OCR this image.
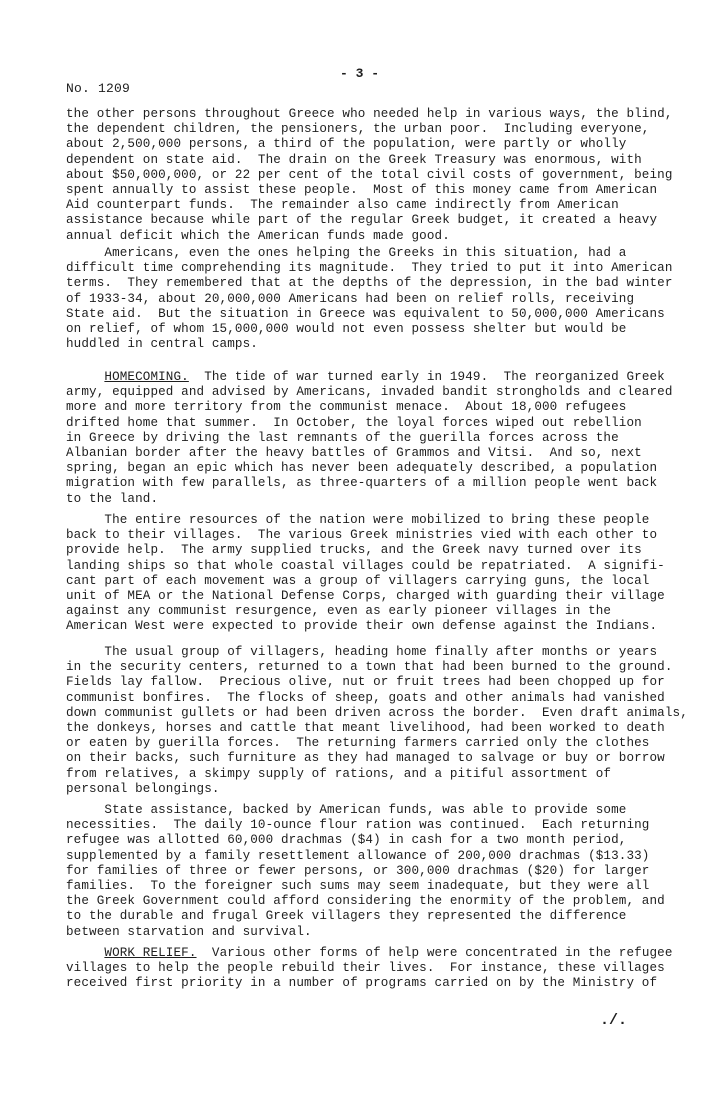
- 3 -
No. 1209
the other persons throughout Greece who needed help in various ways, the blind,
the dependent children, the pensioners, the urban poor.  Including everyone,
about 2,500,000 persons, a third of the population, were partly or wholly
dependent on state aid.  The drain on the Greek Treasury was enormous, with
about $50,000,000, or 22 per cent of the total civil costs of government, being
spent annually to assist these people.  Most of this money came from American
Aid counterpart funds.  The remainder also came indirectly from American
assistance because while part of the regular Greek budget, it created a heavy
annual deficit which the American funds made good.
Americans, even the ones helping the Greeks in this situation, had a
difficult time comprehending its magnitude.  They tried to put it into American
terms.  They remembered that at the depths of the depression, in the bad winter
of 1933-34, about 20,000,000 Americans had been on relief rolls, receiving
State aid.  But the situation in Greece was equivalent to 50,000,000 Americans
on relief, of whom 15,000,000 would not even possess shelter but would be
huddled in central camps.
HOMECOMING.  The tide of war turned early in 1949.  The reorganized Greek
army, equipped and advised by Americans, invaded bandit strongholds and cleared
more and more territory from the communist menace.  About 18,000 refugees
drifted home that summer.  In October, the loyal forces wiped out rebellion
in Greece by driving the last remnants of the guerilla forces across the
Albanian border after the heavy battles of Grammos and Vitsi.  And so, next
spring, began an epic which has never been adequately described, a population
migration with few parallels, as three-quarters of a million people went back
to the land.
The entire resources of the nation were mobilized to bring these people
back to their villages.  The various Greek ministries vied with each other to
provide help.  The army supplied trucks, and the Greek navy turned over its
landing ships so that whole coastal villages could be repatriated.  A signifi-
cant part of each movement was a group of villagers carrying guns, the local
unit of MEA or the National Defense Corps, charged with guarding their village
against any communist resurgence, even as early pioneer villages in the
American West were expected to provide their own defense against the Indians.
The usual group of villagers, heading home finally after months or years
in the security centers, returned to a town that had been burned to the ground.
Fields lay fallow.  Precious olive, nut or fruit trees had been chopped up for
communist bonfires.  The flocks of sheep, goats and other animals had vanished
down communist gullets or had been driven across the border.  Even draft animals,
the donkeys, horses and cattle that meant livelihood, had been worked to death
or eaten by guerilla forces.  The returning farmers carried only the clothes
on their backs, such furniture as they had managed to salvage or buy or borrow
from relatives, a skimpy supply of rations, and a pitiful assortment of
personal belongings.
State assistance, backed by American funds, was able to provide some
necessities.  The daily 10-ounce flour ration was continued.  Each returning
refugee was allotted 60,000 drachmas ($4) in cash for a two month period,
supplemented by a family resettlement allowance of 200,000 drachmas ($13.33)
for families of three or fewer persons, or 300,000 drachmas ($20) for larger
families.  To the foreigner such sums may seem inadequate, but they were all
the Greek Government could afford considering the enormity of the problem, and
to the durable and frugal Greek villagers they represented the difference
between starvation and survival.
WORK RELIEF.  Various other forms of help were concentrated in the refugee
villages to help the people rebuild their lives.  For instance, these villages
received first priority in a number of programs carried on by the Ministry of
./.
